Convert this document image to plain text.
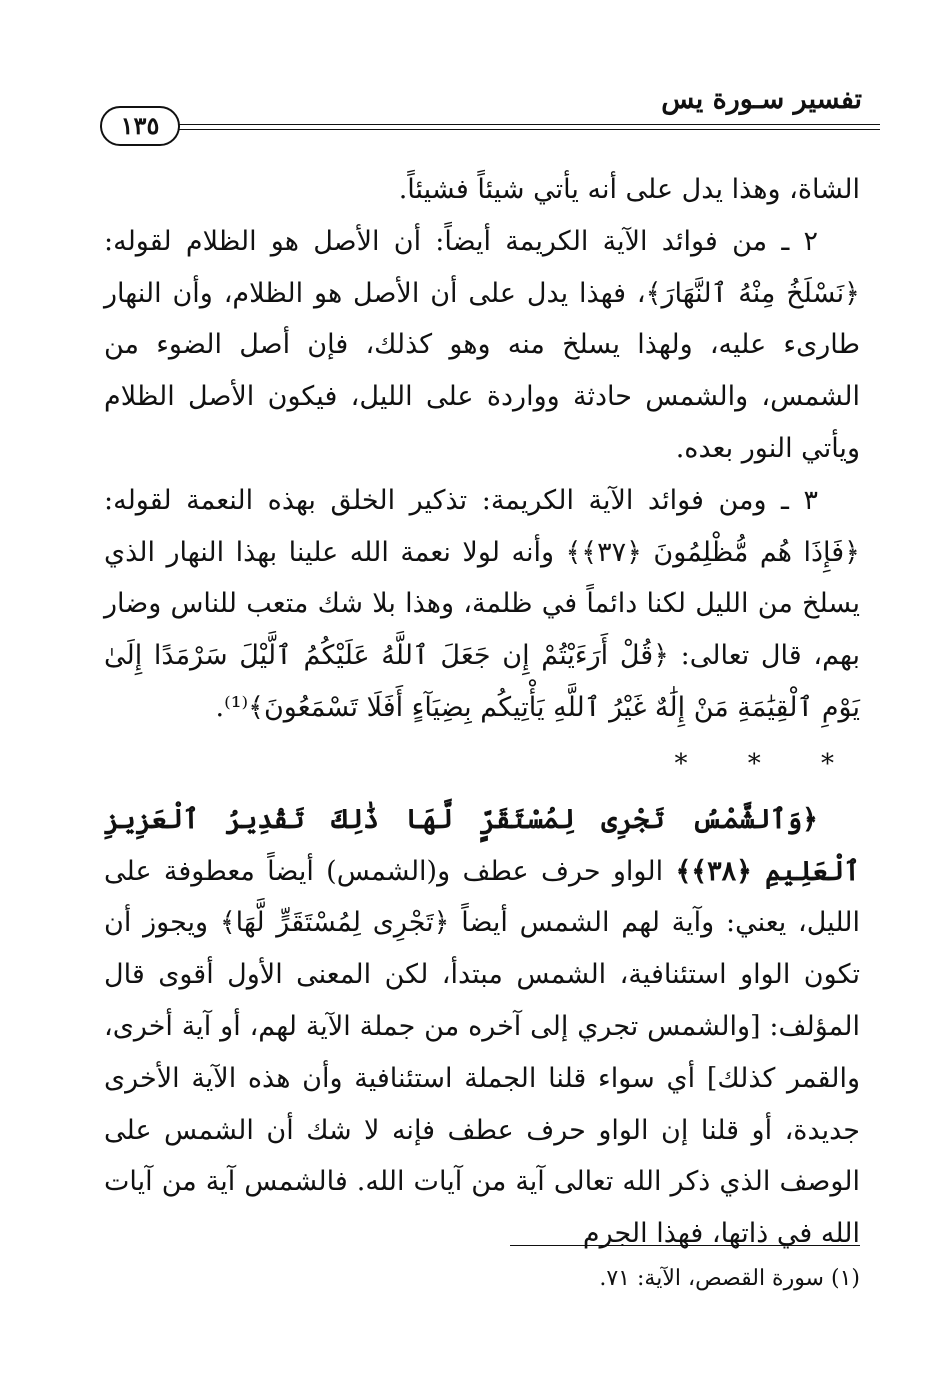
تفسير سـورة يس
١٣٥

الشاة، وهذا يدل على أنه يأتي شيئاً فشيئاً.

٢ ـ من فوائد الآية الكريمة أيضاً: أن الأصل هو الظلام لقوله: ﴿نَسْلَخُ مِنْهُ ٱلنَّهَارَ﴾، فهذا يدل على أن الأصل هو الظلام، وأن النهار طارىء عليه، ولهذا يسلخ منه وهو كذلك، فإن أصل الضوء من الشمس، والشمس حادثة وواردة على الليل، فيكون الأصل الظلام ويأتي النور بعده.

٣ ـ ومن فوائد الآية الكريمة: تذكير الخلق بهذه النعمة لقوله: ﴿فَإِذَا هُم مُّظْلِمُونَ ﴿٣٧﴾﴾ وأنه لولا نعمة الله علينا بهذا النهار الذي يسلخ من الليل لكنا دائماً في ظلمة، وهذا بلا شك متعب للناس وضار بهم، قال تعالى: ﴿قُلْ أَرَءَيْتُمْ إِن جَعَلَ ٱللَّهُ عَلَيْكُمُ ٱلَّيْلَ سَرْمَدًا إِلَىٰ يَوْمِ ٱلْقِيَٰمَةِ مَنْ إِلَٰهٌ غَيْرُ ٱللَّهِ يَأْتِيكُم بِضِيَآءٍ أَفَلَا تَسْمَعُونَ﴾⁽¹⁾.

* * *

﴿وَٱلشَّمْسُ تَجْرِى لِمُسْتَقَرٍّ لَّهَا ذَٰلِكَ تَقْدِيرُ ٱلْعَزِيزِ ٱلْعَلِيمِ ﴿٣٨﴾﴾ الواو حرف عطف و(الشمس) أيضاً معطوفة على الليل، يعني: وآية لهم الشمس أيضاً ﴿تَجْرِى لِمُسْتَقَرٍّ لَّهَا﴾ ويجوز أن تكون الواو استئنافية، الشمس مبتدأ، لكن المعنى الأول أقوى قال المؤلف: [والشمس تجري إلى آخره من جملة الآية لهم، أو آية أخرى، والقمر كذلك] أي سواء قلنا الجملة استئنافية وأن هذه الآية الأخرى جديدة، أو قلنا إن الواو حرف عطف فإنه لا شك أن الشمس على الوصف الذي ذكر الله تعالى آية من آيات الله. فالشمس آية من آيات الله في ذاتها، فهذا الجرم

(١) سورة القصص، الآية: ٧١.
